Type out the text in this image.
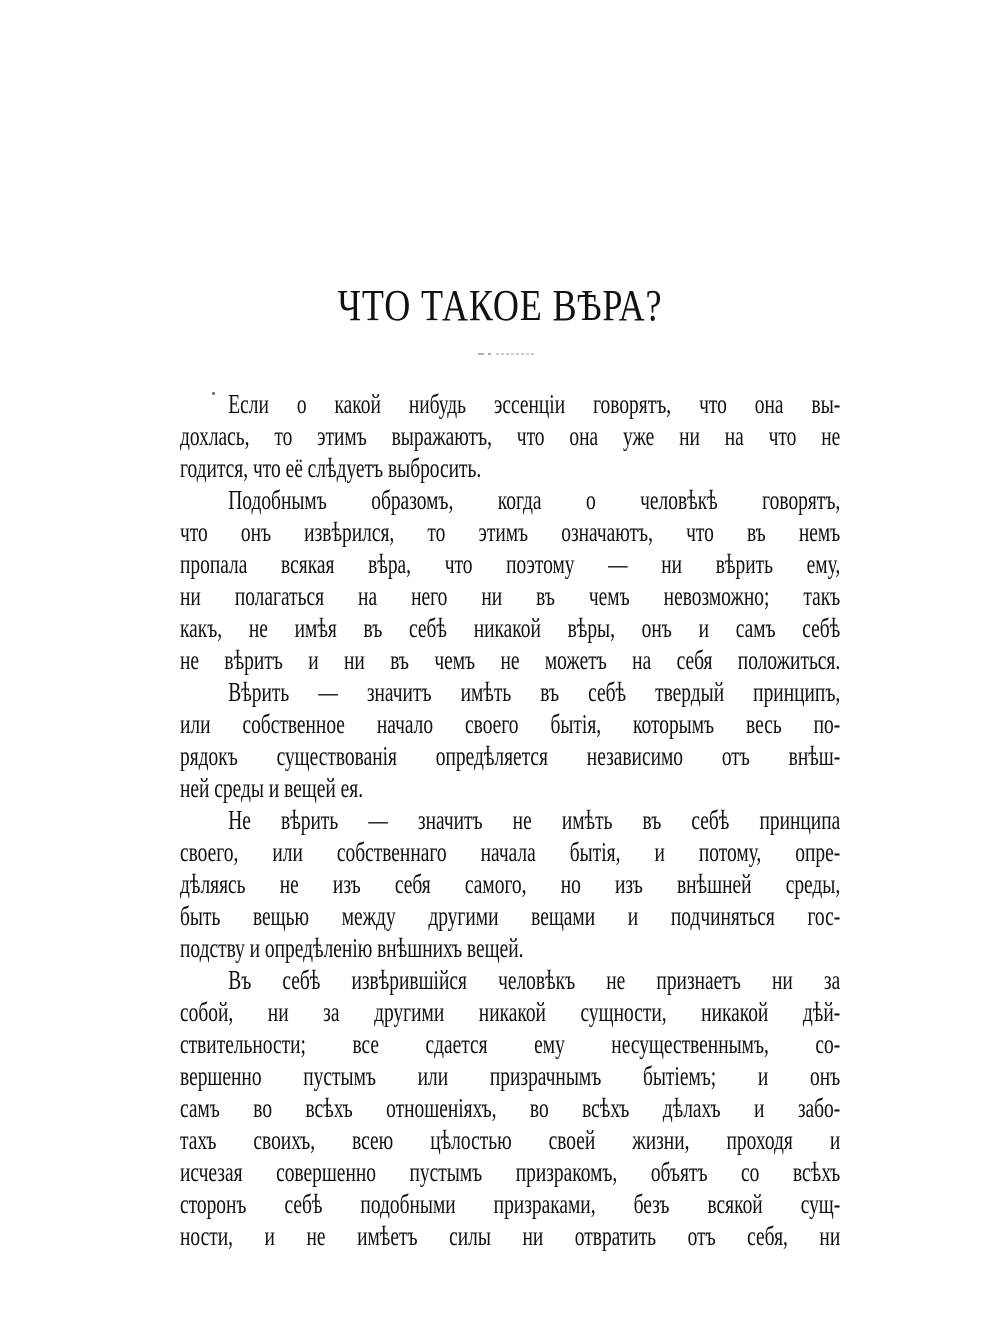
ЧТО ТАКОЕ ВѢРА?
Если о какой нибудь эссенціи говорятъ, что она вы-
дохлась, то этимъ выражаютъ, что она уже ни на что не
годится, что её слѣдуетъ выбросить.
Подобнымъ образомъ, когда о человѣкѣ говорятъ,
что онъ извѣрился, то этимъ означаютъ, что въ немъ
пропала всякая вѣра, что поэтому — ни вѣрить ему,
ни полагаться на него ни въ чемъ невозможно; такъ
какъ, не имѣя въ себѣ никакой вѣры, онъ и самъ себѣ
не вѣритъ и ни въ чемъ не можетъ на себя положиться.
Вѣрить — значитъ имѣть въ себѣ твердый принципъ,
или собственное начало своего бытія, которымъ весь по-
рядокъ существованія опредѣляется независимо отъ внѣш-
ней среды и вещей ея.
Не вѣрить — значитъ не имѣть въ себѣ принципа
своего, или собственнаго начала бытія, и потому, опре-
дѣляясь не изъ себя самого, но изъ внѣшней среды,
быть вещью между другими вещами и подчиняться гос-
подству и опредѣленію внѣшнихъ вещей.
Въ себѣ извѣрившійся человѣкъ не признаетъ ни за
собой, ни за другими никакой сущности, никакой дѣй-
ствительности; все сдается ему несущественнымъ, со-
вершенно пустымъ или призрачнымъ бытіемъ; и онъ
самъ во всѣхъ отношеніяхъ, во всѣхъ дѣлахъ и забо-
тахъ своихъ, всею цѣлостью своей жизни, проходя и
исчезая совершенно пустымъ призракомъ, объятъ со всѣхъ
сторонъ себѣ подобными призраками, безъ всякой сущ-
ности, и не имѣетъ силы ни отвратить отъ себя, ни
